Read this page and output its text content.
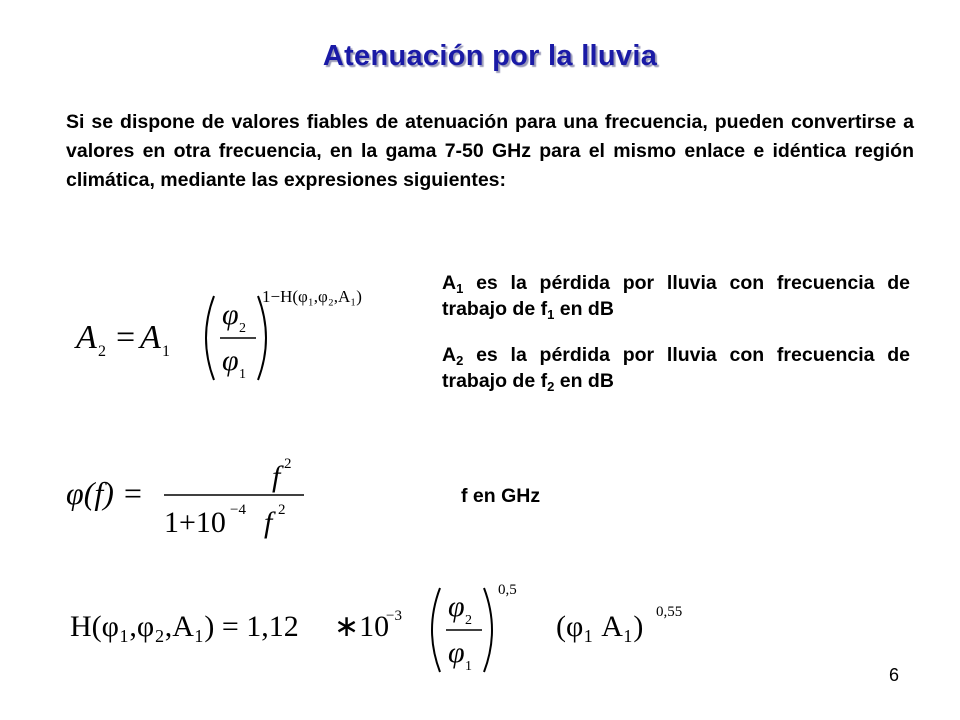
Atenuación por la lluvia
Si se dispone de valores fiables de atenuación para una frecuencia, pueden convertirse a valores en otra frecuencia, en la gama 7-50 GHz para el mismo enlace e idéntica región climática, mediante las expresiones siguientes:
A 2 = A 1
φ 2
φ 1
1−H(φ₁,φ₂,A₁)
$A_1$ es la pérdida por lluvia con frecuencia de trabajo de $f_1$ en dB
$A_2$ es la pérdida por lluvia con frecuencia de trabajo de $f_2$ en dB
φ(f) =	f 2
1+10 −4 f 2
f en GHz
H(φ₁,φ₂,A₁) = 1,12 ∗10
−3 φ 2
φ 1
0,5
(φ₁ A₁) 0,55
6
